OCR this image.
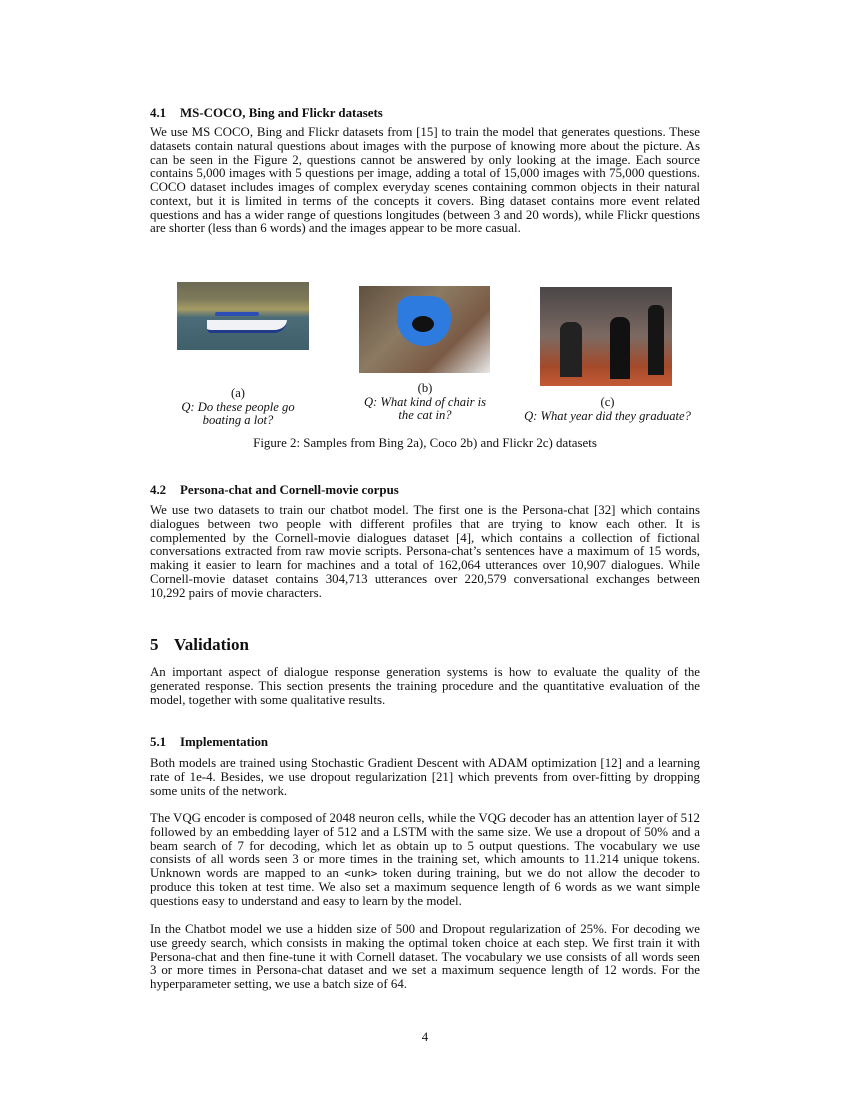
4.1 MS-COCO, Bing and Flickr datasets

We use MS COCO, Bing and Flickr datasets from [15] to train the model that generates questions. These datasets contain natural questions about images with the purpose of knowing more about the picture. As can be seen in the Figure 2, questions cannot be answered by only looking at the image. Each source contains 5,000 images with 5 questions per image, adding a total of 15,000 images with 75,000 questions. COCO dataset includes images of complex everyday scenes containing common objects in their natural context, but it is limited in terms of the concepts it covers. Bing dataset contains more event related questions and has a wider range of questions longitudes (between 3 and 20 words), while Flickr questions are shorter (less than 6 words) and the images appear to be more casual.

(a)
Q: Do these people go boating a lot?
(b)
Q: What kind of chair is the cat in?
(c)
Q: What year did they graduate?
Figure 2: Samples from Bing 2a), Coco 2b) and Flickr 2c) datasets
4.2 Persona-chat and Cornell-movie corpus

We use two datasets to train our chatbot model. The first one is the Persona-chat [32] which contains dialogues between two people with different profiles that are trying to know each other. It is complemented by the Cornell-movie dialogues dataset [4], which contains a collection of fictional conversations extracted from raw movie scripts. Persona-chat’s sentences have a maximum of 15 words, making it easier to learn for machines and a total of 162,064 utterances over 10,907 dialogues. While Cornell-movie dataset contains 304,713 utterances over 220,579 conversational exchanges between 10,292 pairs of movie characters.

5 Validation

An important aspect of dialogue response generation systems is how to evaluate the quality of the generated response. This section presents the training procedure and the quantitative evaluation of the model, together with some qualitative results.

5.1 Implementation

Both models are trained using Stochastic Gradient Descent with ADAM optimization [12] and a learning rate of 1e-4. Besides, we use dropout regularization [21] which prevents from over-fitting by dropping some units of the network.

The VQG encoder is composed of 2048 neuron cells, while the VQG decoder has an attention layer of 512 followed by an embedding layer of 512 and a LSTM with the same size. We use a dropout of 50% and a beam search of 7 for decoding, which let as obtain up to 5 output questions. The vocabulary we use consists of all words seen 3 or more times in the training set, which amounts to 11.214 unique tokens. Unknown words are mapped to an <unk> token during training, but we do not allow the decoder to produce this token at test time. We also set a maximum sequence length of 6 words as we want simple questions easy to understand and easy to learn by the model.

In the Chatbot model we use a hidden size of 500 and Dropout regularization of 25%. For decoding we use greedy search, which consists in making the optimal token choice at each step. We first train it with Persona-chat and then fine-tune it with Cornell dataset. The vocabulary we use consists of all words seen 3 or more times in Persona-chat dataset and we set a maximum sequence length of 12 words. For the hyperparameter setting, we use a batch size of 64.

4
